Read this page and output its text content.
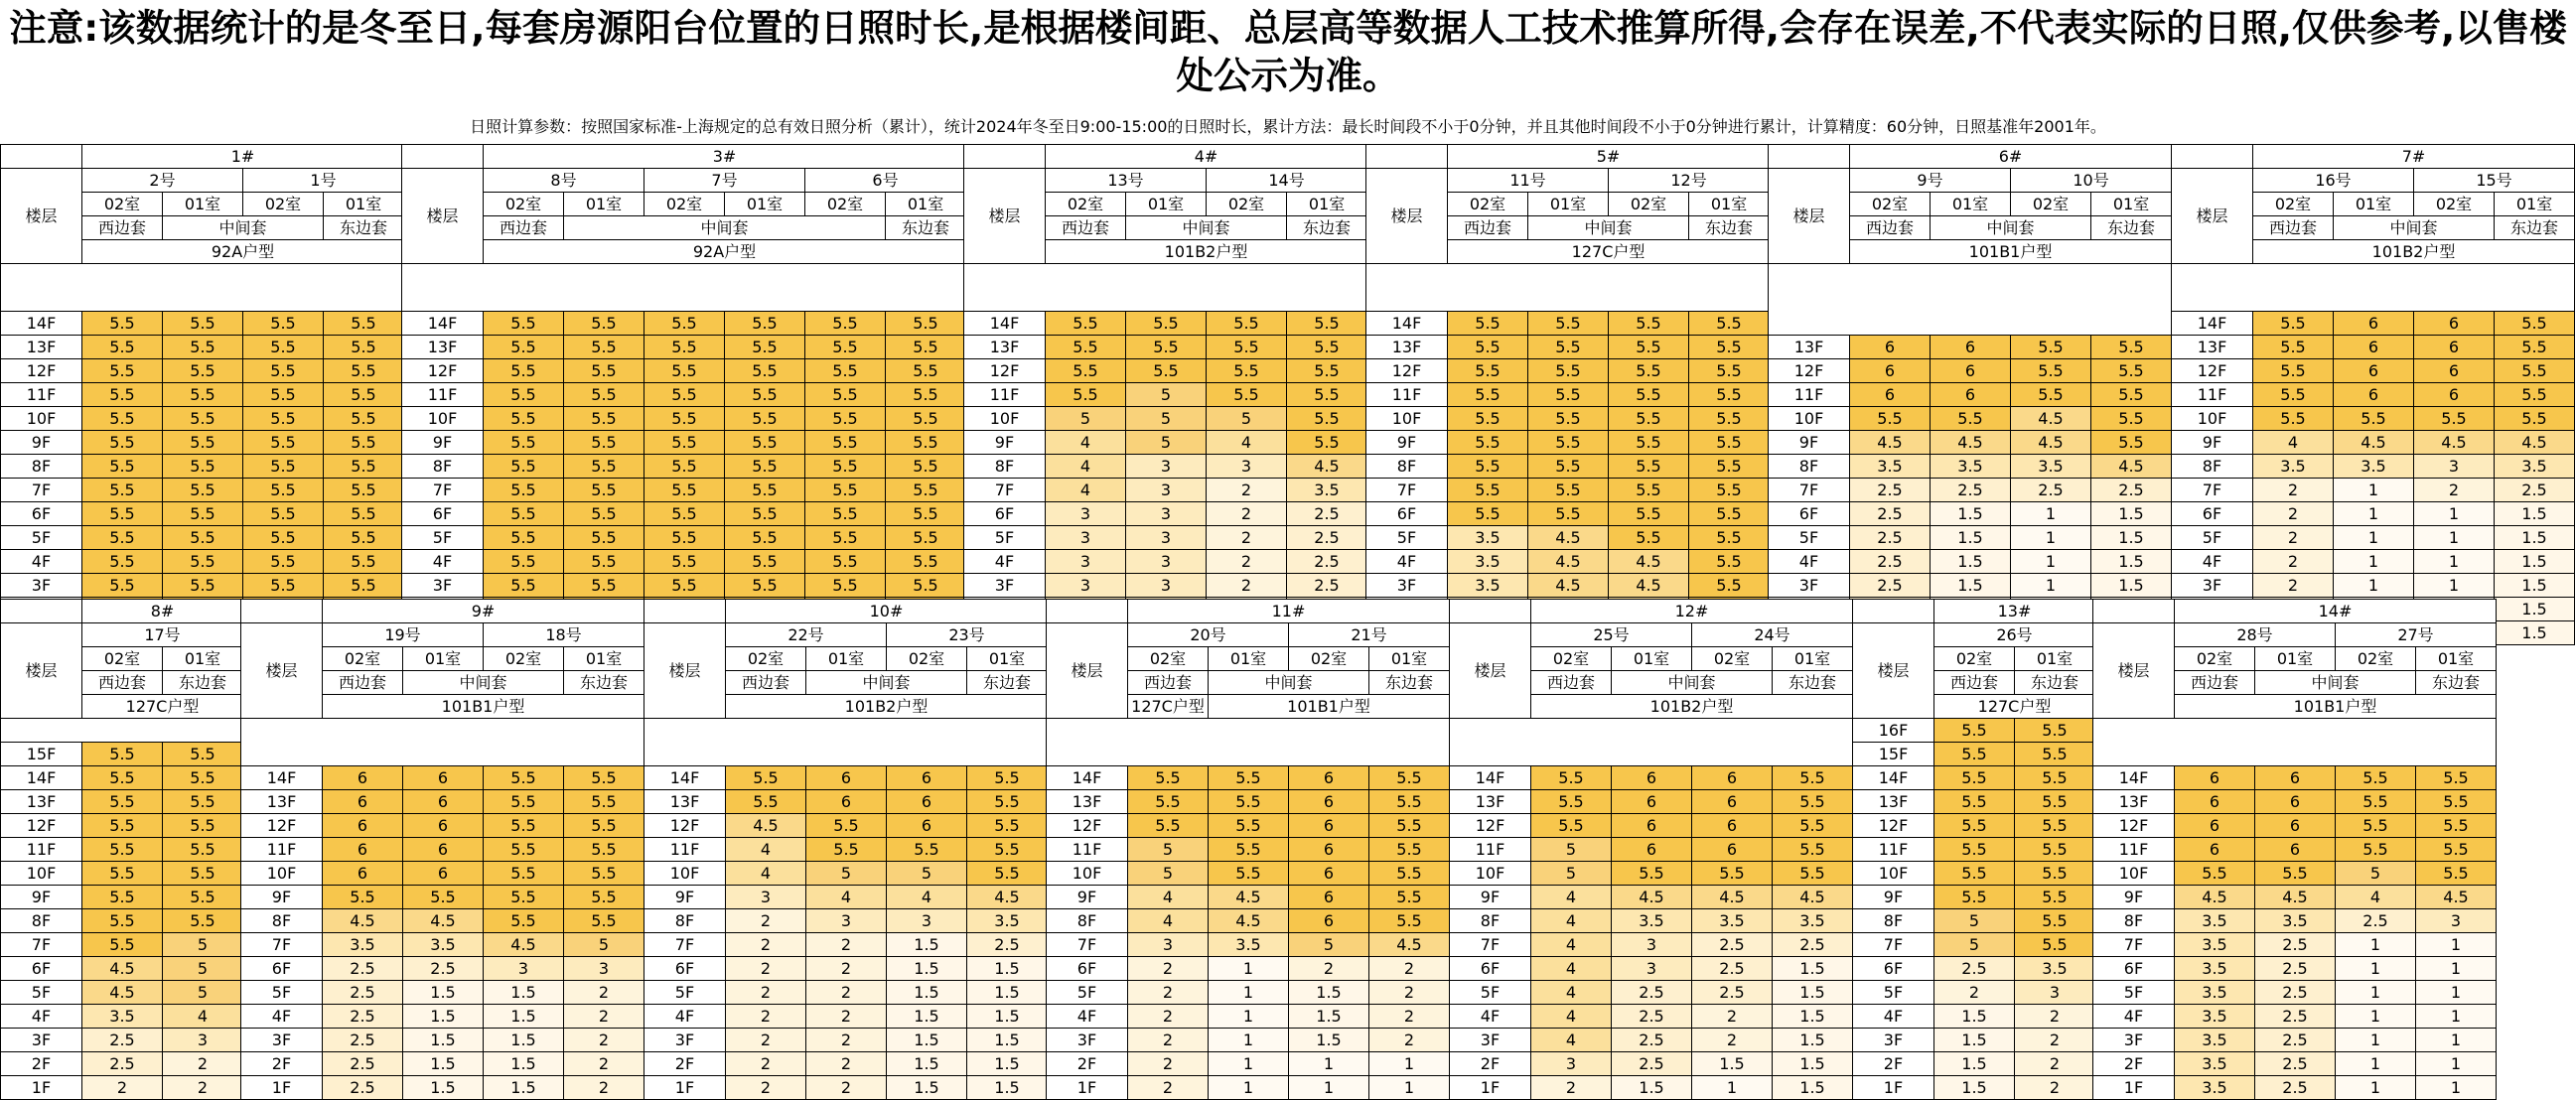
注意:该数据统计的是冬至日,每套房源阳台位置的日照时长,是根据楼间距、总层高等数据人工技术推算所得,会存在误差,不代表实际的日照,仅供参考,以售楼处公示为准。
日照计算参数：按照国家标准-上海规定的总有效日照分析（累计），统计2024年冬至日9:00-15:00的日照时长，累计方法：最长时间段不小于0分钟，并且其他时间段不小于0分钟进行累计，计算精度：60分钟，日照基准年2001年。
	1#			
楼层	2号		1号	
	02室	01室	02室	01室
	西边套	中间套		东边套
	92A户型			

14F	5.5	5.5	5.5	5.5
13F	5.5	5.5	5.5	5.5
12F	5.5	5.5	5.5	5.5
11F	5.5	5.5	5.5	5.5
10F	5.5	5.5	5.5	5.5
9F	5.5	5.5	5.5	5.5
8F	5.5	5.5	5.5	5.5
7F	5.5	5.5	5.5	5.5
6F	5.5	5.5	5.5	5.5
5F	5.5	5.5	5.5	5.5
4F	5.5	5.5	5.5	5.5
3F	5.5	5.5	5.5	5.5

	3#					
楼层	8号		7号		6号	
	02室	01室	02室	01室	02室	01室
	西边套	中间套				东边套
	92A户型					

14F	5.5	5.5	5.5	5.5	5.5	5.5
13F	5.5	5.5	5.5	5.5	5.5	5.5
12F	5.5	5.5	5.5	5.5	5.5	5.5
11F	5.5	5.5	5.5	5.5	5.5	5.5
10F	5.5	5.5	5.5	5.5	5.5	5.5
9F	5.5	5.5	5.5	5.5	5.5	5.5
8F	5.5	5.5	5.5	5.5	5.5	5.5
7F	5.5	5.5	5.5	5.5	5.5	5.5
6F	5.5	5.5	5.5	5.5	5.5	5.5
5F	5.5	5.5	5.5	5.5	5.5	5.5
4F	5.5	5.5	5.5	5.5	5.5	5.5
3F	5.5	5.5	5.5	5.5	5.5	5.5

	4#			
楼层	13号		14号	
	02室	01室	02室	01室
	西边套	中间套		东边套
	101B2户型			

14F	5.5	5.5	5.5	5.5
13F	5.5	5.5	5.5	5.5
12F	5.5	5.5	5.5	5.5
11F	5.5	5	5.5	5.5
10F	5	5	5	5.5
9F	4	5	4	5.5
8F	4	3	3	4.5
7F	4	3	2	3.5
6F	3	3	2	2.5
5F	3	3	2	2.5
4F	3	3	2	2.5
3F	3	3	2	2.5

	5#			
楼层	11号		12号	
	02室	01室	02室	01室
	西边套	中间套		东边套
	127C户型			

14F	5.5	5.5	5.5	5.5
13F	5.5	5.5	5.5	5.5
12F	5.5	5.5	5.5	5.5
11F	5.5	5.5	5.5	5.5
10F	5.5	5.5	5.5	5.5
9F	5.5	5.5	5.5	5.5
8F	5.5	5.5	5.5	5.5
7F	5.5	5.5	5.5	5.5
6F	5.5	5.5	5.5	5.5
5F	3.5	4.5	5.5	5.5
4F	3.5	4.5	4.5	5.5
3F	3.5	4.5	4.5	5.5

	6#			
楼层	9号		10号	
	02室	01室	02室	01室
	西边套	中间套		东边套
	101B1户型			

13F	6	6	5.5	5.5
12F	6	6	5.5	5.5
11F	6	6	5.5	5.5
10F	5.5	5.5	4.5	5.5
9F	4.5	4.5	4.5	5.5
8F	3.5	3.5	3.5	4.5
7F	2.5	2.5	2.5	2.5
6F	2.5	1.5	1	1.5
5F	2.5	1.5	1	1.5
4F	2.5	1.5	1	1.5
3F	2.5	1.5	1	1.5

	7#			
楼层	16号		15号	
	02室	01室	02室	01室
	西边套	中间套		东边套
	101B2户型			

14F	5.5	6	6	5.5
13F	5.5	6	6	5.5
12F	5.5	6	6	5.5
11F	5.5	6	6	5.5
10F	5.5	5.5	5.5	5.5
9F	4	4.5	4.5	4.5
8F	3.5	3.5	3	3.5
7F	2	1	2	2.5
6F	2	1	1	1.5
5F	2	1	1	1.5
4F	2	1	1	1.5
3F	2	1	1	1.5
				1.5
				1.5
	8#	
楼层	17号	
	02室	01室
	西边套	东边套
	127C户型	

15F	5.5	5.5
14F	5.5	5.5
13F	5.5	5.5
12F	5.5	5.5
11F	5.5	5.5
10F	5.5	5.5
9F	5.5	5.5
8F	5.5	5.5
7F	5.5	5
6F	4.5	5
5F	4.5	5
4F	3.5	4
3F	2.5	3
2F	2.5	2
1F	2	2
	9#			
楼层	19号		18号	
	02室	01室	02室	01室
	西边套	中间套		东边套
	101B1户型			

14F	6	6	5.5	5.5
13F	6	6	5.5	5.5
12F	6	6	5.5	5.5
11F	6	6	5.5	5.5
10F	6	6	5.5	5.5
9F	5.5	5.5	5.5	5.5
8F	4.5	4.5	5.5	5.5
7F	3.5	3.5	4.5	5
6F	2.5	2.5	3	3
5F	2.5	1.5	1.5	2
4F	2.5	1.5	1.5	2
3F	2.5	1.5	1.5	2
2F	2.5	1.5	1.5	2
1F	2.5	1.5	1.5	2
	10#			
楼层	22号		23号	
	02室	01室	02室	01室
	西边套	中间套		东边套
	101B2户型			

14F	5.5	6	6	5.5
13F	5.5	6	6	5.5
12F	4.5	5.5	6	5.5
11F	4	5.5	5.5	5.5
10F	4	5	5	5.5
9F	3	4	4	4.5
8F	2	3	3	3.5
7F	2	2	1.5	2.5
6F	2	2	1.5	1.5
5F	2	2	1.5	1.5
4F	2	2	1.5	1.5
3F	2	2	1.5	1.5
2F	2	2	1.5	1.5
1F	2	2	1.5	1.5
	11#			
楼层	20号		21号	
	02室	01室	02室	01室
	西边套	中间套		东边套
	127C户型	101B1户型		

14F	5.5	5.5	6	5.5
13F	5.5	5.5	6	5.5
12F	5.5	5.5	6	5.5
11F	5	5.5	6	5.5
10F	5	5.5	6	5.5
9F	4	4.5	6	5.5
8F	4	4.5	6	5.5
7F	3	3.5	5	4.5
6F	2	1	2	2
5F	2	1	1.5	2
4F	2	1	1.5	2
3F	2	1	1.5	2
2F	2	1	1	1
1F	2	1	1	1
	12#			
楼层	25号		24号	
	02室	01室	02室	01室
	西边套	中间套		东边套
	101B2户型			

14F	5.5	6	6	5.5
13F	5.5	6	6	5.5
12F	5.5	6	6	5.5
11F	5	6	6	5.5
10F	5	5.5	5.5	5.5
9F	4	4.5	4.5	4.5
8F	4	3.5	3.5	3.5
7F	4	3	2.5	2.5
6F	4	3	2.5	1.5
5F	4	2.5	2.5	1.5
4F	4	2.5	2	1.5
3F	4	2.5	2	1.5
2F	3	2.5	1.5	1.5
1F	2	1.5	1	1.5
	13#	
楼层	26号	
	02室	01室
	西边套	东边套
	127C户型	
16F	5.5	5.5
15F	5.5	5.5
14F	5.5	5.5
13F	5.5	5.5
12F	5.5	5.5
11F	5.5	5.5
10F	5.5	5.5
9F	5.5	5.5
8F	5	5.5
7F	5	5.5
6F	2.5	3.5
5F	2	3
4F	1.5	2
3F	1.5	2
2F	1.5	2
1F	1.5	2
	14#			
楼层	28号		27号	
	02室	01室	02室	01室
	西边套	中间套		东边套
	101B1户型			

14F	6	6	5.5	5.5
13F	6	6	5.5	5.5
12F	6	6	5.5	5.5
11F	6	6	5.5	5.5
10F	5.5	5.5	5	5.5
9F	4.5	4.5	4	4.5
8F	3.5	3.5	2.5	3
7F	3.5	2.5	1	1
6F	3.5	2.5	1	1
5F	3.5	2.5	1	1
4F	3.5	2.5	1	1
3F	3.5	2.5	1	1
2F	3.5	2.5	1	1
1F	3.5	2.5	1	1
